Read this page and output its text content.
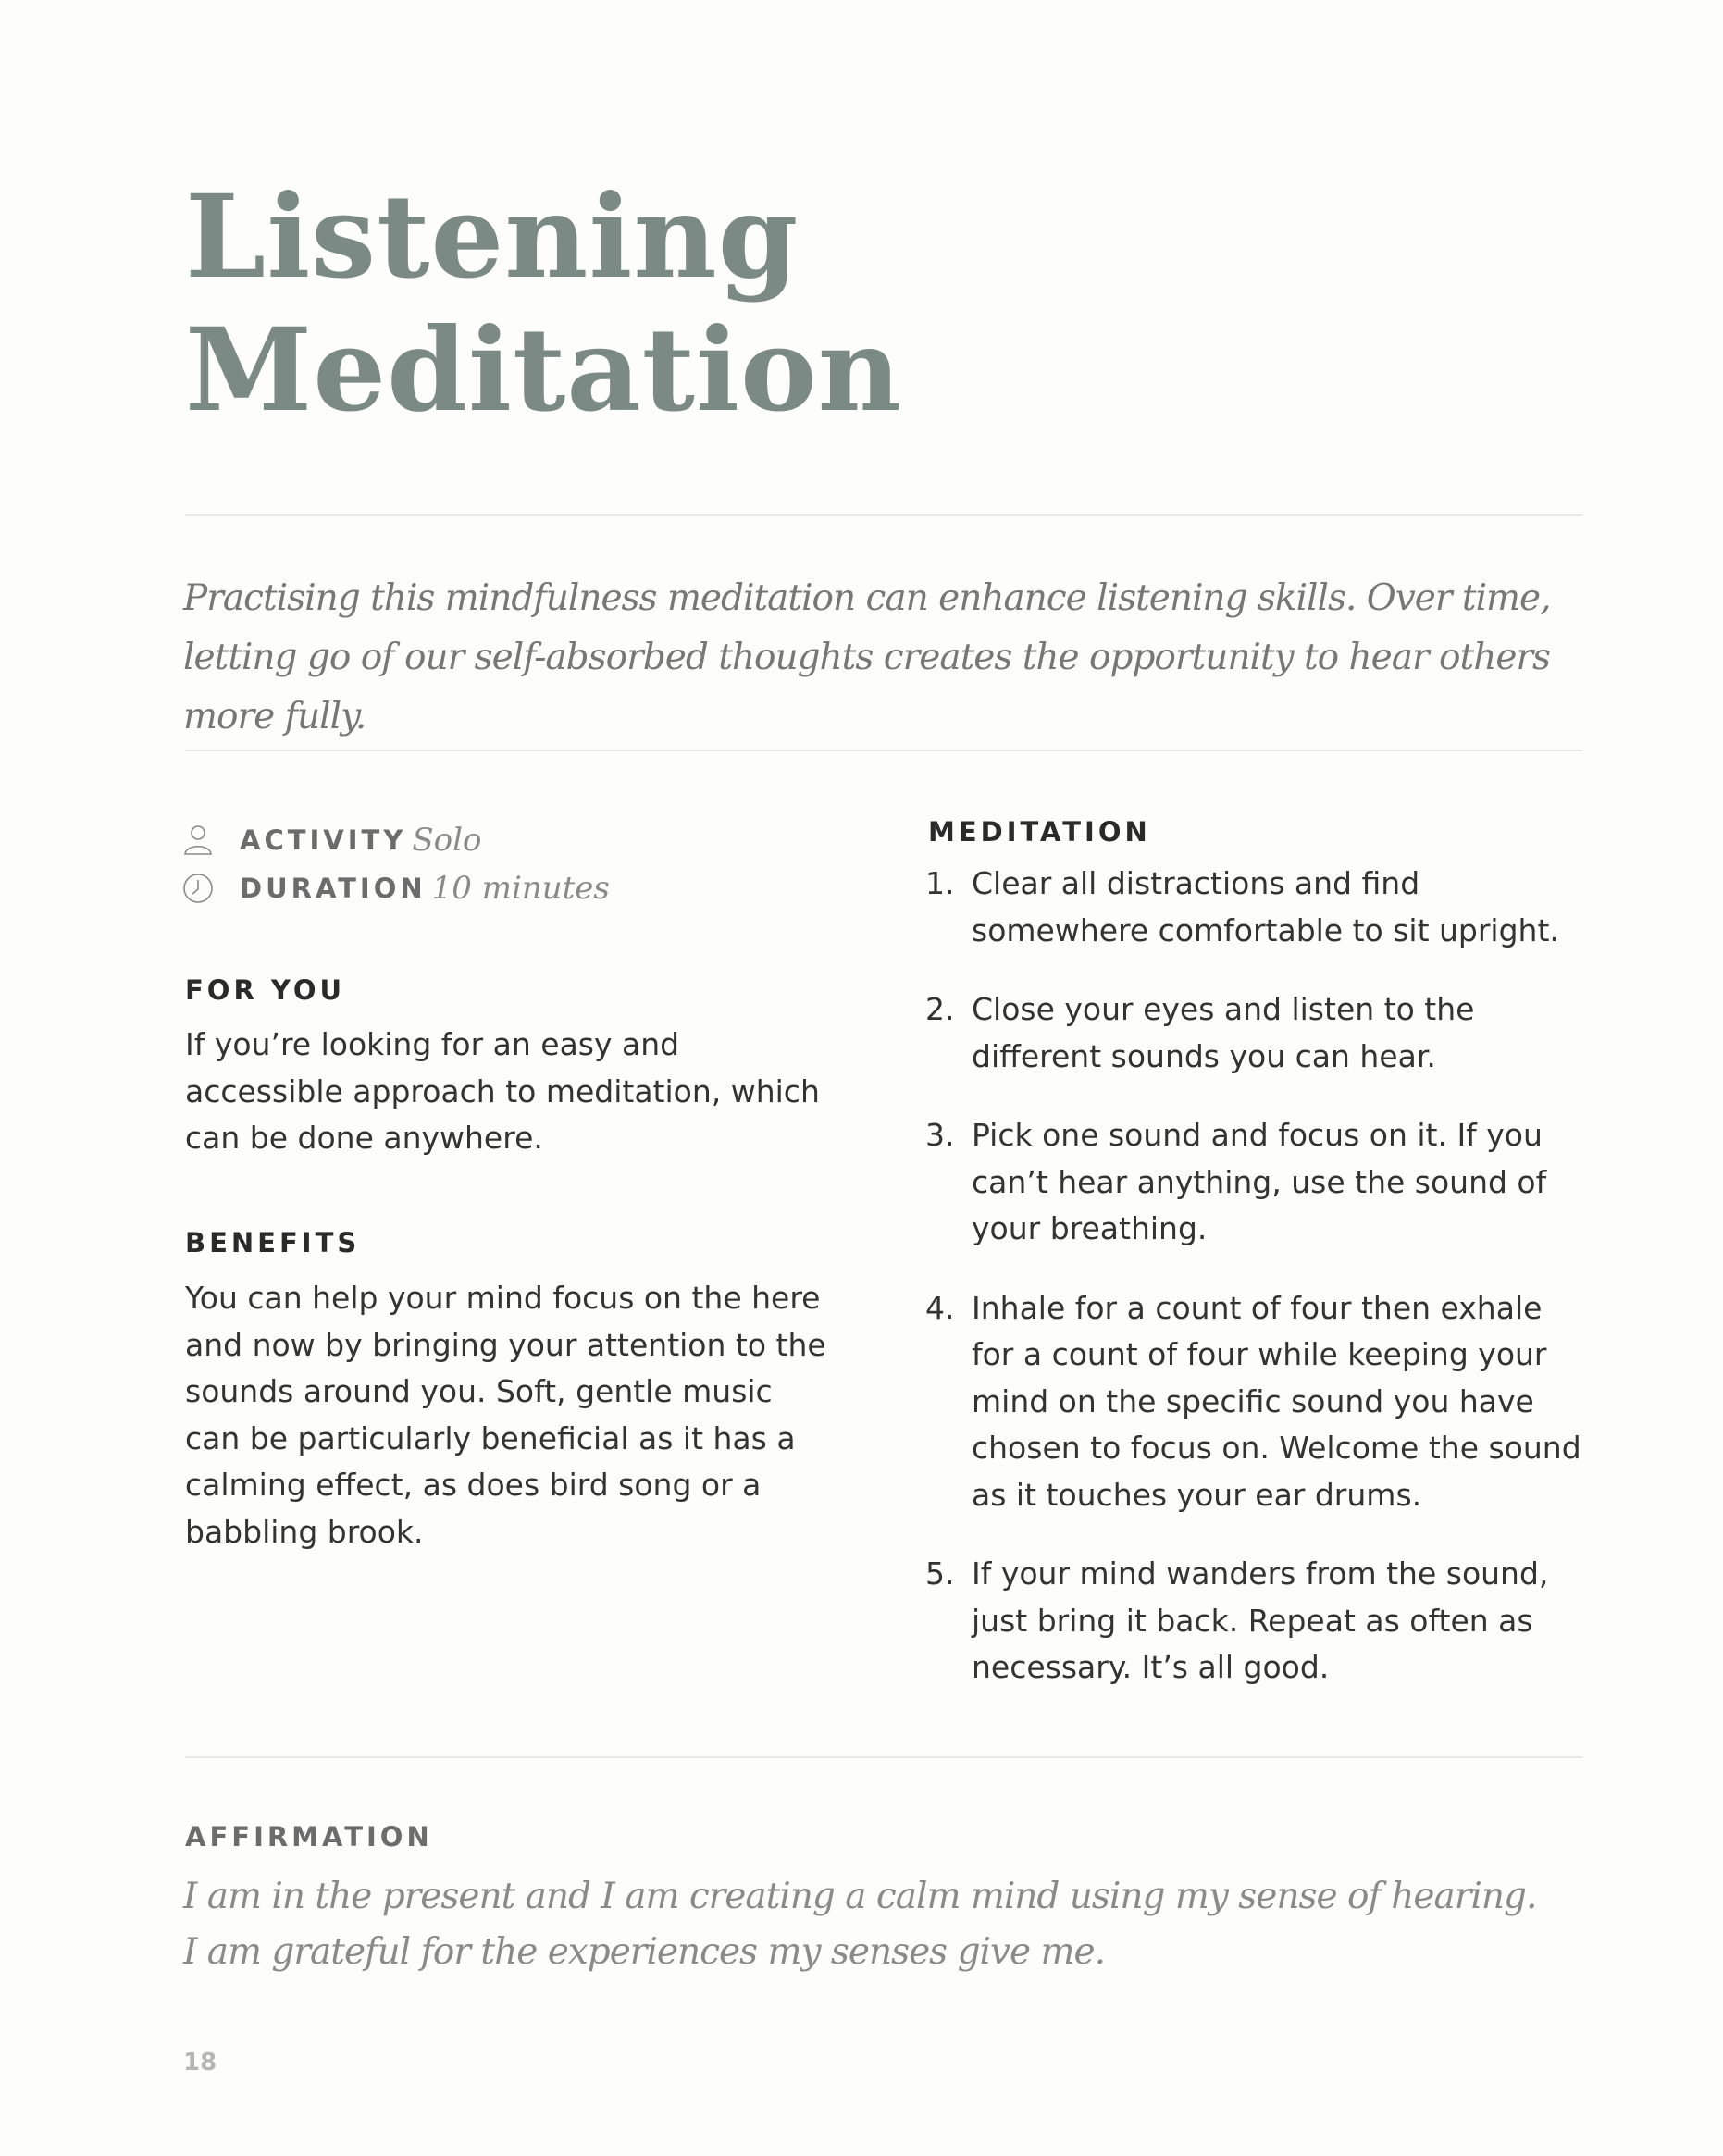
Listening
Meditation

Practising this mindfulness meditation can enhance listening skills. Over time, letting go of our self-absorbed thoughts creates the opportunity to hear others more fully.

ACTIVITY Solo
DURATION 10 minutes
FOR YOU

If you’re looking for an easy and accessible approach to meditation, which can be done anywhere.

BENEFITS

You can help your mind focus on the here and now by bringing your attention to the sounds around you. Soft, gentle music can be particularly beneficial as it has a calming effect, as does bird song or a babbling brook.

MEDITATION
1. Clear all distractions and find somewhere comfortable to sit upright.
2. Close your eyes and listen to the different sounds you can hear.
3. Pick one sound and focus on it. If you can’t hear anything, use the sound of your breathing.
4. Inhale for a count of four then exhale for a count of four while keeping your mind on the specific sound you have chosen to focus on. Welcome the sound as it touches your ear drums.
5. If your mind wanders from the sound, just bring it back. Repeat as often as necessary. It’s all good.
AFFIRMATION

I am in the present and I am creating a calm mind using my sense of hearing.
I am grateful for the experiences my senses give me.

18
